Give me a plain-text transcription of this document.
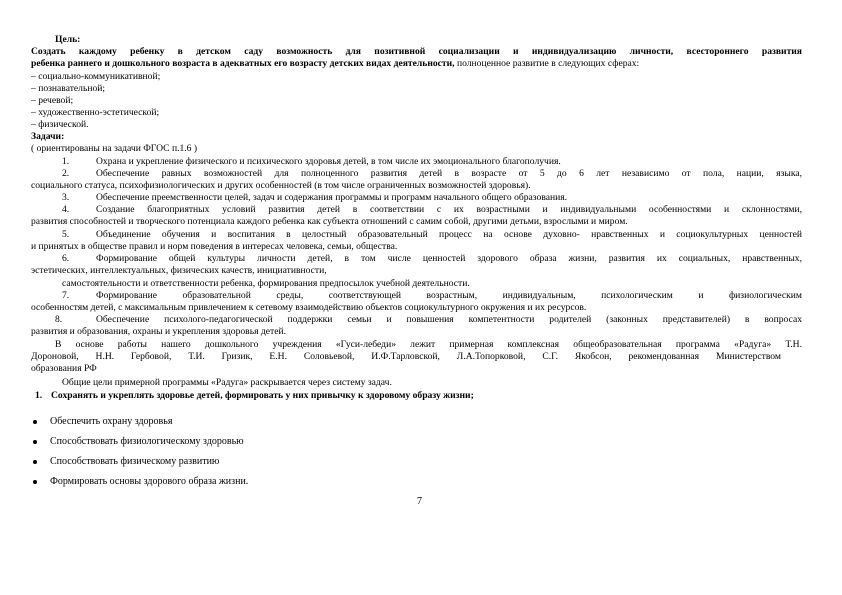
Цель:
Создать каждому ребенку в детском саду возможность для позитивной социализации и индивидуализацию личности, всестороннего развития
ребенка раннего и дошкольного возраста в адекватных его возрасту детских видах деятельности, полноценное развитие в следующих сферах:
– социально-коммуникативной;
– познавательной;
– речевой;
– художественно-эстетической;
– физической.
Задачи:
( ориентированы на задачи ФГОС п.1.6 )
1.	Охрана и укрепление физического и психического здоровья детей, в том числе их эмоционального благополучия.
2.	Обеспечение равных возможностей для полноценного развития детей в возрасте от 5 до 6 лет независимо от пола, нации, языка,
социального статуса, психофизиологических и других особенностей (в том числе ограниченных возможностей здоровья).
3.	Обеспечение преемственности целей, задач и содержания программы и программ начального общего образования.
4.	Создание благоприятных условий развития детей в соответствии с их возрастными и индивидуальными особенностями и склонностями,
развития способностей и творческого потенциала каждого ребенка как субъекта отношений с самим собой, другими детьми, взрослыми и миром.
5.	Объединение обучения и воспитания в целостный образовательный процесс на основе духовно- нравственных и социокультурных ценностей
и принятых в обществе правил и норм поведения в интересах человека, семьи, общества.
6.	Формирование общей культуры личности детей, в том числе ценностей здорового образа жизни, развития их социальных, нравственных,
эстетических, интеллектуальных, физических качеств, инициативности,
самостоятельности и ответственности ребенка, формирования предпосылок учебной деятельности.
7.	Формирование образовательной среды, соответствующей возрастным, индивидуальным, психологическим и физиологическим
особенностям детей, с максимальным привлечением к сетевому взаимодействию объектов социокультурного окружения и их ресурсов.
8.	Обеспечение психолого-педагогической поддержки семьи и повышения компетентности родителей (законных представителей) в вопросах
развития и образования, охраны и укрепления здоровья детей.
В основе работы нашего дошкольного учреждения «Гуси-лебеди» лежит примерная комплексная общеобразовательная программа «Радуга» Т.Н.
Дороновой, Н.Н. Гербовой, Т.И. Гризик, Е.Н. Соловьевой, И.Ф.Тарловской, Л.А.Топорковой, С.Г. Якобсон, рекомендованная Министерством
образования РФ
Общие цели примерной программы «Радуга» раскрывается через систему задач.
1. Сохранять и укреплять здоровье детей, формировать у них привычку к здоровому образу жизни;
Обеспечить охрану здоровья
Способствовать физиологическому здоровью
Способствовать физическому развитию
Формировать основы здорового образа жизни.
7
